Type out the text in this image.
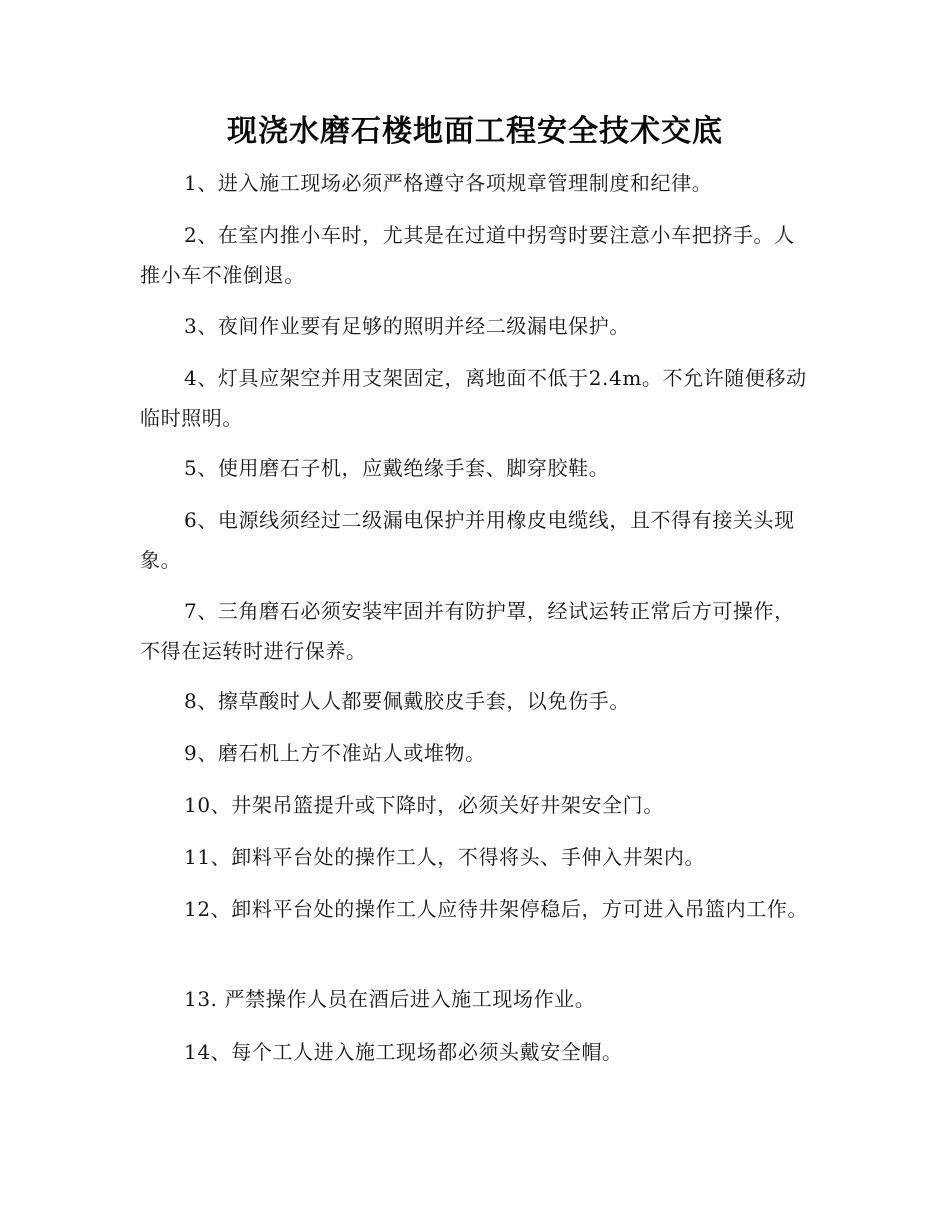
现浇水磨石楼地面工程安全技术交底

1、进入施工现场必须严格遵守各项规章管理制度和纪律。

2、在室内推小车时，尤其是在过道中拐弯时要注意小车把挤手。人推小车不准倒退。

3、夜间作业要有足够的照明并经二级漏电保护。

4、灯具应架空并用支架固定，离地面不低于2.4m。不允许随便移动临时照明。

5、使用磨石子机，应戴绝缘手套、脚穿胶鞋。

6、电源线须经过二级漏电保护并用橡皮电缆线，且不得有接关头现象。

7、三角磨石必须安装牢固并有防护罩，经试运转正常后方可操作，不得在运转时进行保养。

8、擦草酸时人人都要佩戴胶皮手套，以免伤手。

9、磨石机上方不准站人或堆物。

10、井架吊篮提升或下降时，必须关好井架安全门。

11、卸料平台处的操作工人，不得将头、手伸入井架内。

12、卸料平台处的操作工人应待井架停稳后，方可进入吊篮内工作。

13. 严禁操作人员在酒后进入施工现场作业。

14、每个工人进入施工现场都必须头戴安全帽。
